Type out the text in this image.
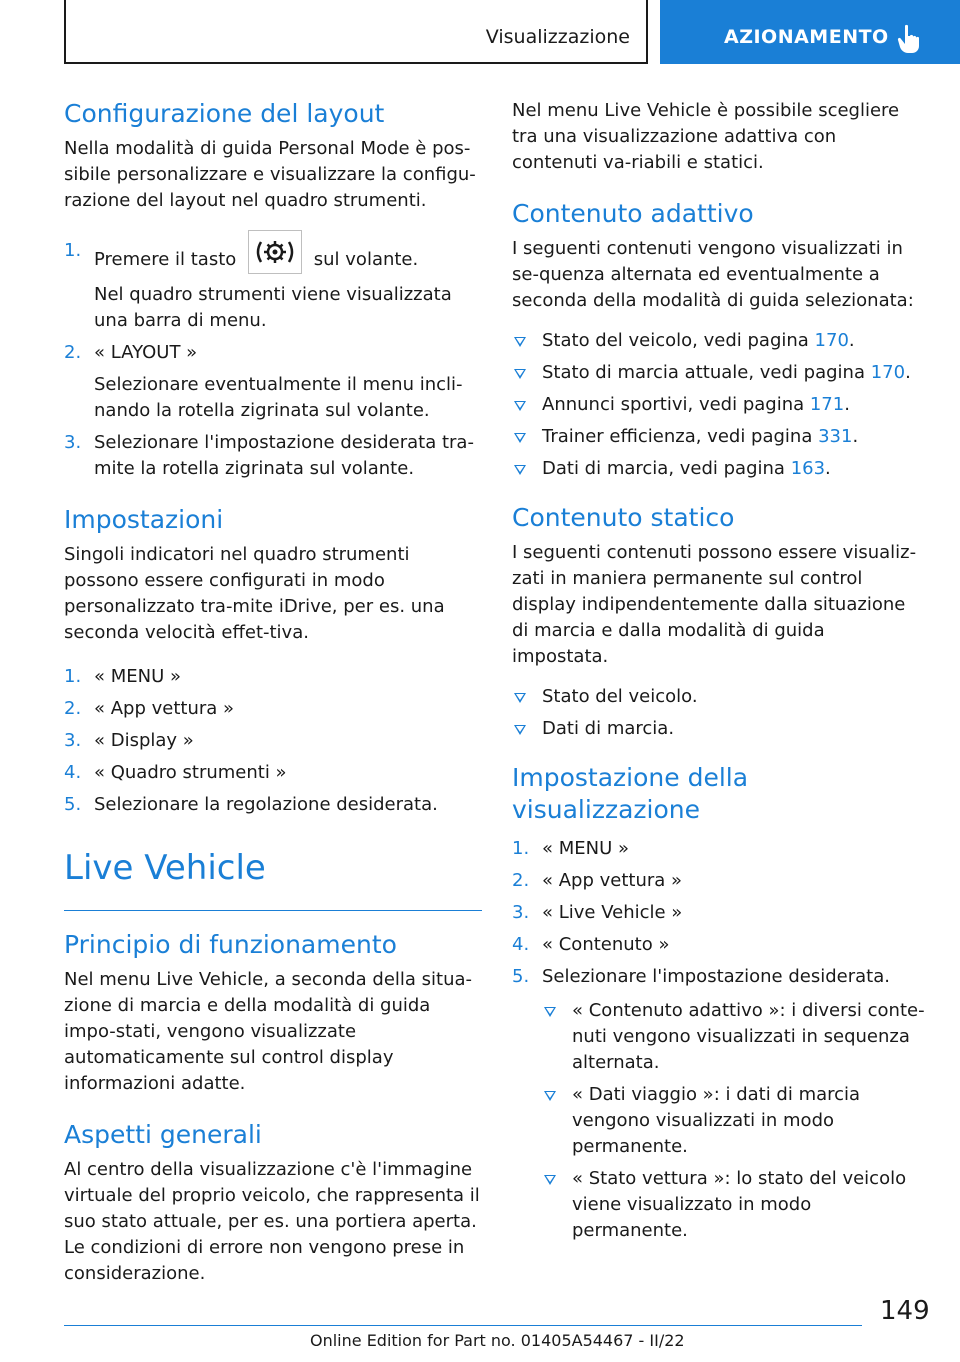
Visualizzazione	AZIONAMENTO
Configurazione del layout

Nella modalità di guida Personal Mode è pos-sibile personalizzare e visualizzare la configu-razione del layout nel quadro strumenti.

1. Premere il tasto	sul volante.
Nel quadro strumenti viene visualizzata una barra di menu.
2. « LAYOUT »
Selezionare eventualmente il menu incli-nando la rotella zigrinata sul volante.
3. Selezionare l'impostazione desiderata tra-mite la rotella zigrinata sul volante.
Impostazioni

Singoli indicatori nel quadro strumenti possono essere configurati in modo personalizzato tra-mite iDrive, per es. una seconda velocità effet-tiva.

1. « MENU »
2. « App vettura »
3. « Display »
4. « Quadro strumenti »
5. Selezionare la regolazione desiderata.
Live Vehicle
Principio di funzionamento

Nel menu Live Vehicle, a seconda della situa-zione di marcia e della modalità di guida impo-stati, vengono visualizzate automaticamente sul control display informazioni adatte.

Aspetti generali

Al centro della visualizzazione c'è l'immagine virtuale del proprio veicolo, che rappresenta il suo stato attuale, per es. una portiera aperta. Le condizioni di errore non vengono prese in considerazione.

Nel menu Live Vehicle è possibile scegliere tra una visualizzazione adattiva con contenuti va-riabili e statici.

Contenuto adattivo

I seguenti contenuti vengono visualizzati in se-quenza alternata ed eventualmente a seconda della modalità di guida selezionata:

Stato del veicolo, vedi pagina 170.
Stato di marcia attuale, vedi pagina 170.
Annunci sportivi, vedi pagina 171.
Trainer efficienza, vedi pagina 331.
Dati di marcia, vedi pagina 163.
Contenuto statico

I seguenti contenuti possono essere visualiz-zati in maniera permanente sul control display indipendentemente dalla situazione di marcia e dalla modalità di guida impostata.

Stato del veicolo.
Dati di marcia.
Impostazione della visualizzazione
1. « MENU »
2. « App vettura »
3. « Live Vehicle »
4. « Contenuto »
5. Selezionare l'impostazione desiderata.
« Contenuto adattivo »: i diversi conte-nuti vengono visualizzati in sequenza alternata.
« Dati viaggio »: i dati di marcia vengono visualizzati in modo permanente.
« Stato vettura »: lo stato del veicolo viene visualizzato in modo permanente.
149
Online Edition for Part no. 01405A54467 - II/22
